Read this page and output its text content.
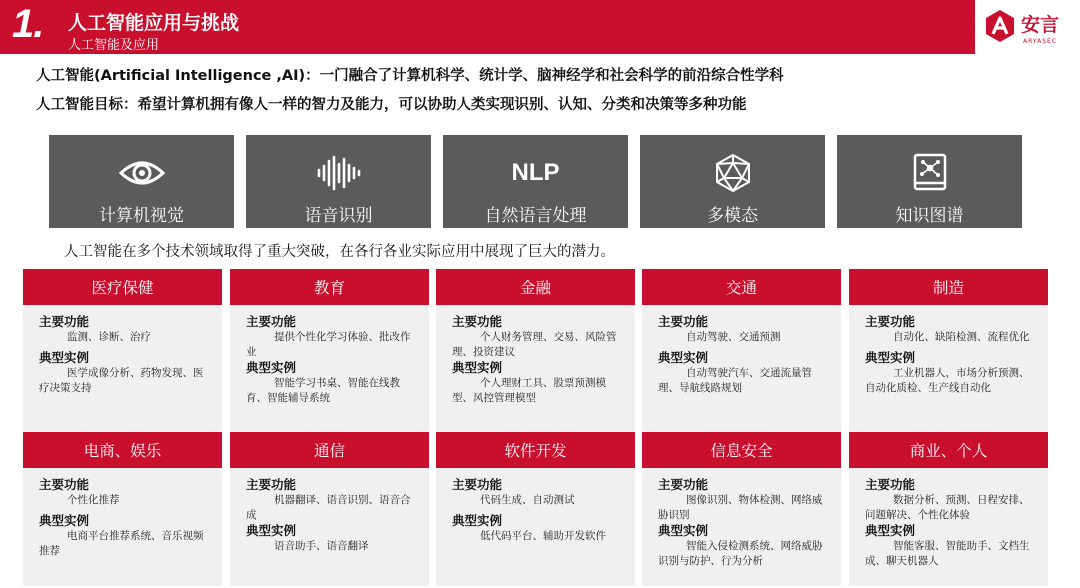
1. 人工智能应用与挑战
人工智能及应用
安言
ARYASEC
人工智能(Artificial Intelligence ,AI)：一门融合了计算机科学、统计学、脑神经学和社会科学的前沿综合性学科
人工智能目标：希望计算机拥有像人一样的智力及能力，可以协助人类实现识别、认知、分类和决策等多种功能
计算机视觉	语音识别
NLP
自然语言处理	多模态	知识图谱
人工智能在多个技术领域取得了重大突破，在各行各业实际应用中展现了巨大的潜力。
医疗保健
主要功能
监测、诊断、治疗
典型实例
医学成像分析、药物发现、医疗决策支持
教育
主要功能
提供个性化学习体验、批改作业
典型实例
智能学习书桌、智能在线教育、智能辅导系统
金融
主要功能
个人财务管理、交易、风险管理、投资建议
典型实例
个人理财工具、股票预测模型、风控管理模型
交通
主要功能
自动驾驶、交通预测
典型实例
自动驾驶汽车、交通流量管理、导航线路规划
制造
主要功能
自动化、缺陷检测、流程优化
典型实例
工业机器人，市场分析预测、自动化质检、生产线自动化
电商、娱乐
主要功能
个性化推荐
典型实例
电商平台推荐系统、音乐视频推荐
通信
主要功能
机器翻译、语音识别、语音合成
典型实例
语音助手、语音翻译
软件开发
主要功能
代码生成、自动测试
典型实例
低代码平台、辅助开发软件
信息安全
主要功能
图像识别、物体检测、网络威胁识别
典型实例
智能入侵检测系统、网络威胁识别与防护、行为分析
商业、个人
主要功能
数据分析、预测、日程安排、问题解决、个性化体验
典型实例
智能客服、智能助手、文档生成、聊天机器人
